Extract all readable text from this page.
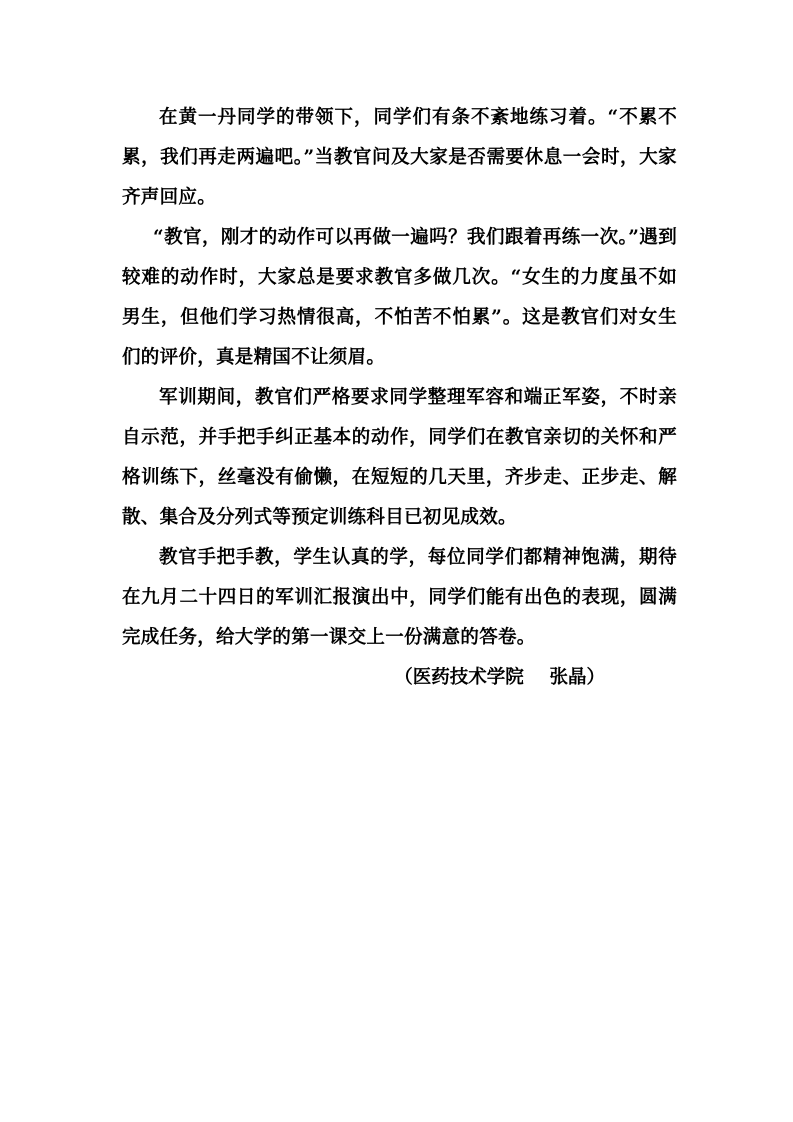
在黄一丹同学的带领下，同学们有条不紊地练习着。“不累不累，我们再走两遍吧。”当教官问及大家是否需要休息一会时，大家齐声回应。

“教官，刚才的动作可以再做一遍吗？我们跟着再练一次。”遇到较难的动作时，大家总是要求教官多做几次。“女生的力度虽不如男生，但他们学习热情很高，不怕苦不怕累”。这是教官们对女生们的评价，真是精国不让须眉。

军训期间，教官们严格要求同学整理军容和端正军姿，不时亲自示范，并手把手纠正基本的动作，同学们在教官亲切的关怀和严格训练下，丝毫没有偷懒，在短短的几天里，齐步走、正步走、解散、集合及分列式等预定训练科目已初见成效。

教官手把手教，学生认真的学，每位同学们都精神饱满，期待在九月二十四日的军训汇报演出中，同学们能有出色的表现，圆满完成任务，给大学的第一课交上一份满意的答卷。

（医药技术学院    张晶）
